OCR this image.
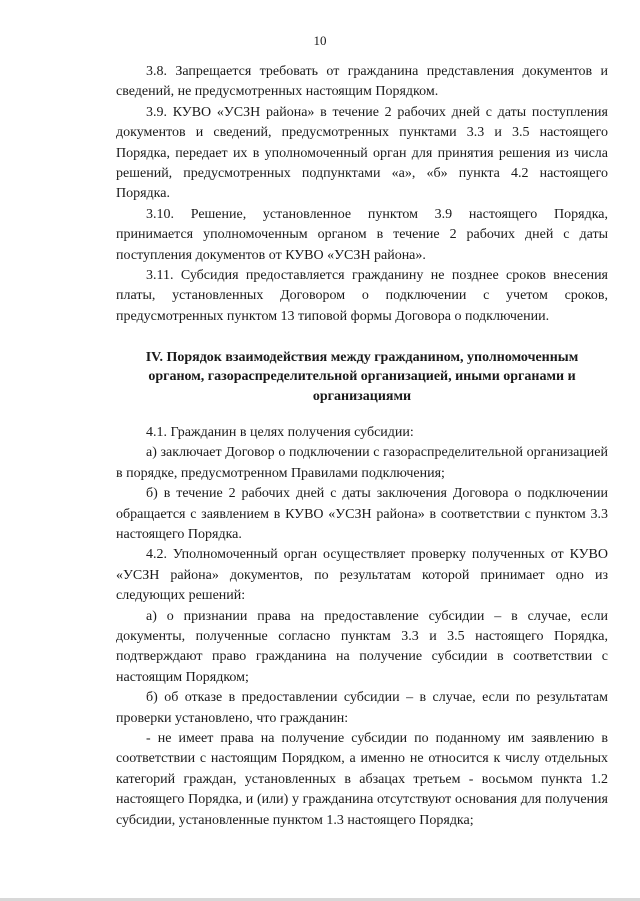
10

3.8. Запрещается требовать от гражданина представления документов и сведений, не предусмотренных настоящим Порядком.

3.9. КУВО «УСЗН района» в течение 2 рабочих дней с даты поступления документов и сведений, предусмотренных пунктами 3.3 и 3.5 настоящего Порядка, передает их в уполномоченный орган для принятия решения из числа решений, предусмотренных подпунктами «а», «б» пункта 4.2 настоящего Порядка.

3.10. Решение, установленное пунктом 3.9 настоящего Порядка, принимается уполномоченным органом в течение 2 рабочих дней с даты поступления документов от КУВО «УСЗН района».

3.11. Субсидия предоставляется гражданину не позднее сроков внесения платы, установленных Договором о подключении с учетом сроков, предусмотренных пунктом 13 типовой формы Договора о подключении.

IV. Порядок взаимодействия между гражданином, уполномоченным органом, газораспределительной организацией, иными органами и организациями

4.1. Гражданин в целях получения субсидии:

а) заключает Договор о подключении с газораспределительной организацией в порядке, предусмотренном Правилами подключения;

б) в течение 2 рабочих дней с даты заключения Договора о подключении обращается с заявлением в КУВО «УСЗН района» в соответствии с пунктом 3.3 настоящего Порядка.

4.2. Уполномоченный орган осуществляет проверку полученных от КУВО «УСЗН района» документов, по результатам которой принимает одно из следующих решений:

а) о признании права на предоставление субсидии – в случае, если документы, полученные согласно пунктам 3.3 и 3.5 настоящего Порядка, подтверждают право гражданина на получение субсидии в соответствии с настоящим Порядком;

б) об отказе в предоставлении субсидии – в случае, если по результатам проверки установлено, что гражданин:

- не имеет права на получение субсидии по поданному им заявлению в соответствии с настоящим Порядком, а именно не относится к числу отдельных категорий граждан, установленных в абзацах третьем - восьмом пункта 1.2 настоящего Порядка, и (или) у гражданина отсутствуют основания для получения субсидии, установленные пунктом 1.3 настоящего Порядка;
